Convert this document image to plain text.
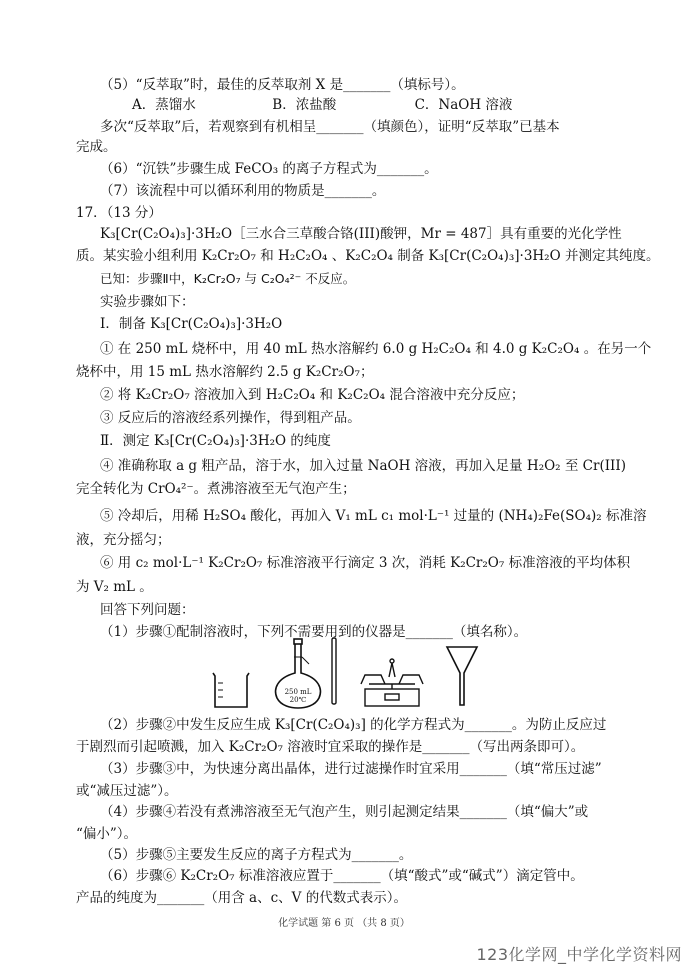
（5）“反萃取”时，最佳的反萃取剂 X 是_______（填标号）。
A．蒸馏水	B．浓盐酸	C．NaOH 溶液
多次“反萃取”后，若观察到有机相呈_______（填颜色），证明“反萃取”已基本
完成。
（6）“沉铁”步骤生成 FeCO₃ 的离子方程式为_______。
（7）该流程中可以循环利用的物质是_______。
17．（13 分）
K₃[Cr(C₂O₄)₃]·3H₂O［三水合三草酸合铬(III)酸钾，Mr = 487］具有重要的光化学性
质。某实验小组利用 K₂Cr₂O₇ 和 H₂C₂O₄ 、K₂C₂O₄ 制备 K₃[Cr(C₂O₄)₃]·3H₂O 并测定其纯度。
已知：步骤Ⅱ中，K₂Cr₂O₇ 与 C₂O₄²⁻ 不反应。
实验步骤如下：
Ⅰ．制备 K₃[Cr(C₂O₄)₃]·3H₂O
① 在 250 mL 烧杯中，用 40 mL 热水溶解约 6.0 g H₂C₂O₄ 和 4.0 g K₂C₂O₄ 。在另一个
烧杯中，用 15 mL 热水溶解约 2.5 g K₂Cr₂O₇；
② 将 K₂Cr₂O₇ 溶液加入到 H₂C₂O₄ 和 K₂C₂O₄ 混合溶液中充分反应；
③ 反应后的溶液经系列操作，得到粗产品。
Ⅱ．测定 K₃[Cr(C₂O₄)₃]·3H₂O 的纯度
④ 准确称取 a g 粗产品，溶于水，加入过量 NaOH 溶液，再加入足量 H₂O₂ 至 Cr(III)
完全转化为 CrO₄²⁻。煮沸溶液至无气泡产生；
⑤ 冷却后，用稀 H₂SO₄ 酸化，再加入 V₁ mL c₁ mol·L⁻¹ 过量的 (NH₄)₂Fe(SO₄)₂ 标准溶
液，充分摇匀；
⑥ 用 c₂ mol·L⁻¹ K₂Cr₂O₇ 标准溶液平行滴定 3 次，消耗 K₂Cr₂O₇ 标准溶液的平均体积
为 V₂ mL 。
回答下列问题：
（1）步骤①配制溶液时，下列不需要用到的仪器是_______（填名称）。
250 mL
20℃
（2）步骤②中发生反应生成 K₃[Cr(C₂O₄)₃] 的化学方程式为_______。为防止反应过
于剧烈而引起喷溅，加入 K₂Cr₂O₇ 溶液时宜采取的操作是_______（写出两条即可）。
（3）步骤③中，为快速分离出晶体，进行过滤操作时宜采用_______（填“常压过滤”
或“减压过滤”）。
（4）步骤④若没有煮沸溶液至无气泡产生，则引起测定结果_______（填“偏大”或
“偏小”）。
（5）步骤⑤主要发生反应的离子方程式为_______。
（6）步骤⑥ K₂Cr₂O₇ 标准溶液应置于_______（填“酸式”或“碱式”）滴定管中。
产品的纯度为_______（用含 a、c、V 的代数式表示）。
化学试题 第 6 页 （共 8 页）
123化学网_中学化学资料网
